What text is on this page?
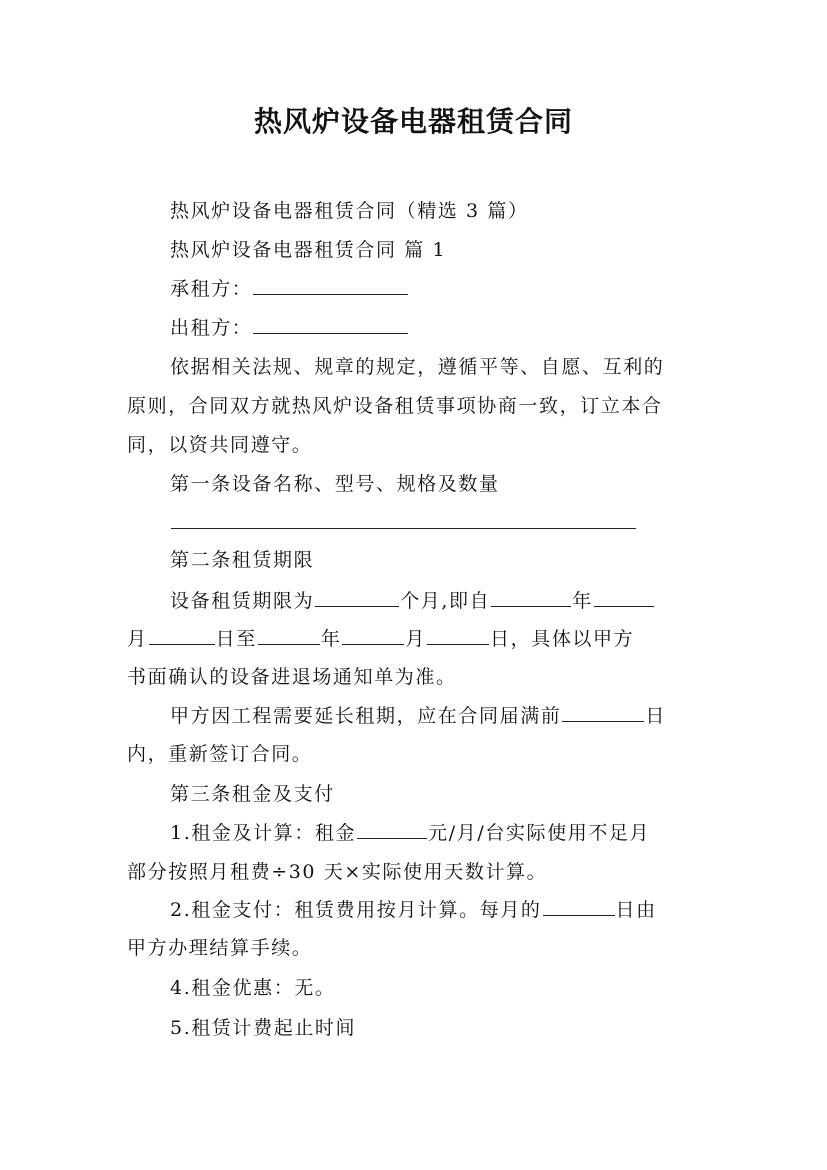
热风炉设备电器租赁合同
热风炉设备电器租赁合同（精选 3 篇）
热风炉设备电器租赁合同 篇 1
承租方：
出租方：
依据相关法规、规章的规定，遵循平等、自愿、互利的
原则，合同双方就热风炉设备租赁事项协商一致，订立本合
同，以资共同遵守。
第一条设备名称、型号、规格及数量
第二条租赁期限
设备租赁期限为	个月,即自	年
月	日至	年	月	日，具体以甲方
书面确认的设备进退场通知单为准。
甲方因工程需要延长租期，应在合同届满前	日
内，重新签订合同。
第三条租金及支付
1.租金及计算：租金	元/月/台实际使用不足月
部分按照月租费÷30 天×实际使用天数计算。
2.租金支付：租赁费用按月计算。每月的	日由
甲方办理结算手续。
4.租金优惠：无。
5.租赁计费起止时间
